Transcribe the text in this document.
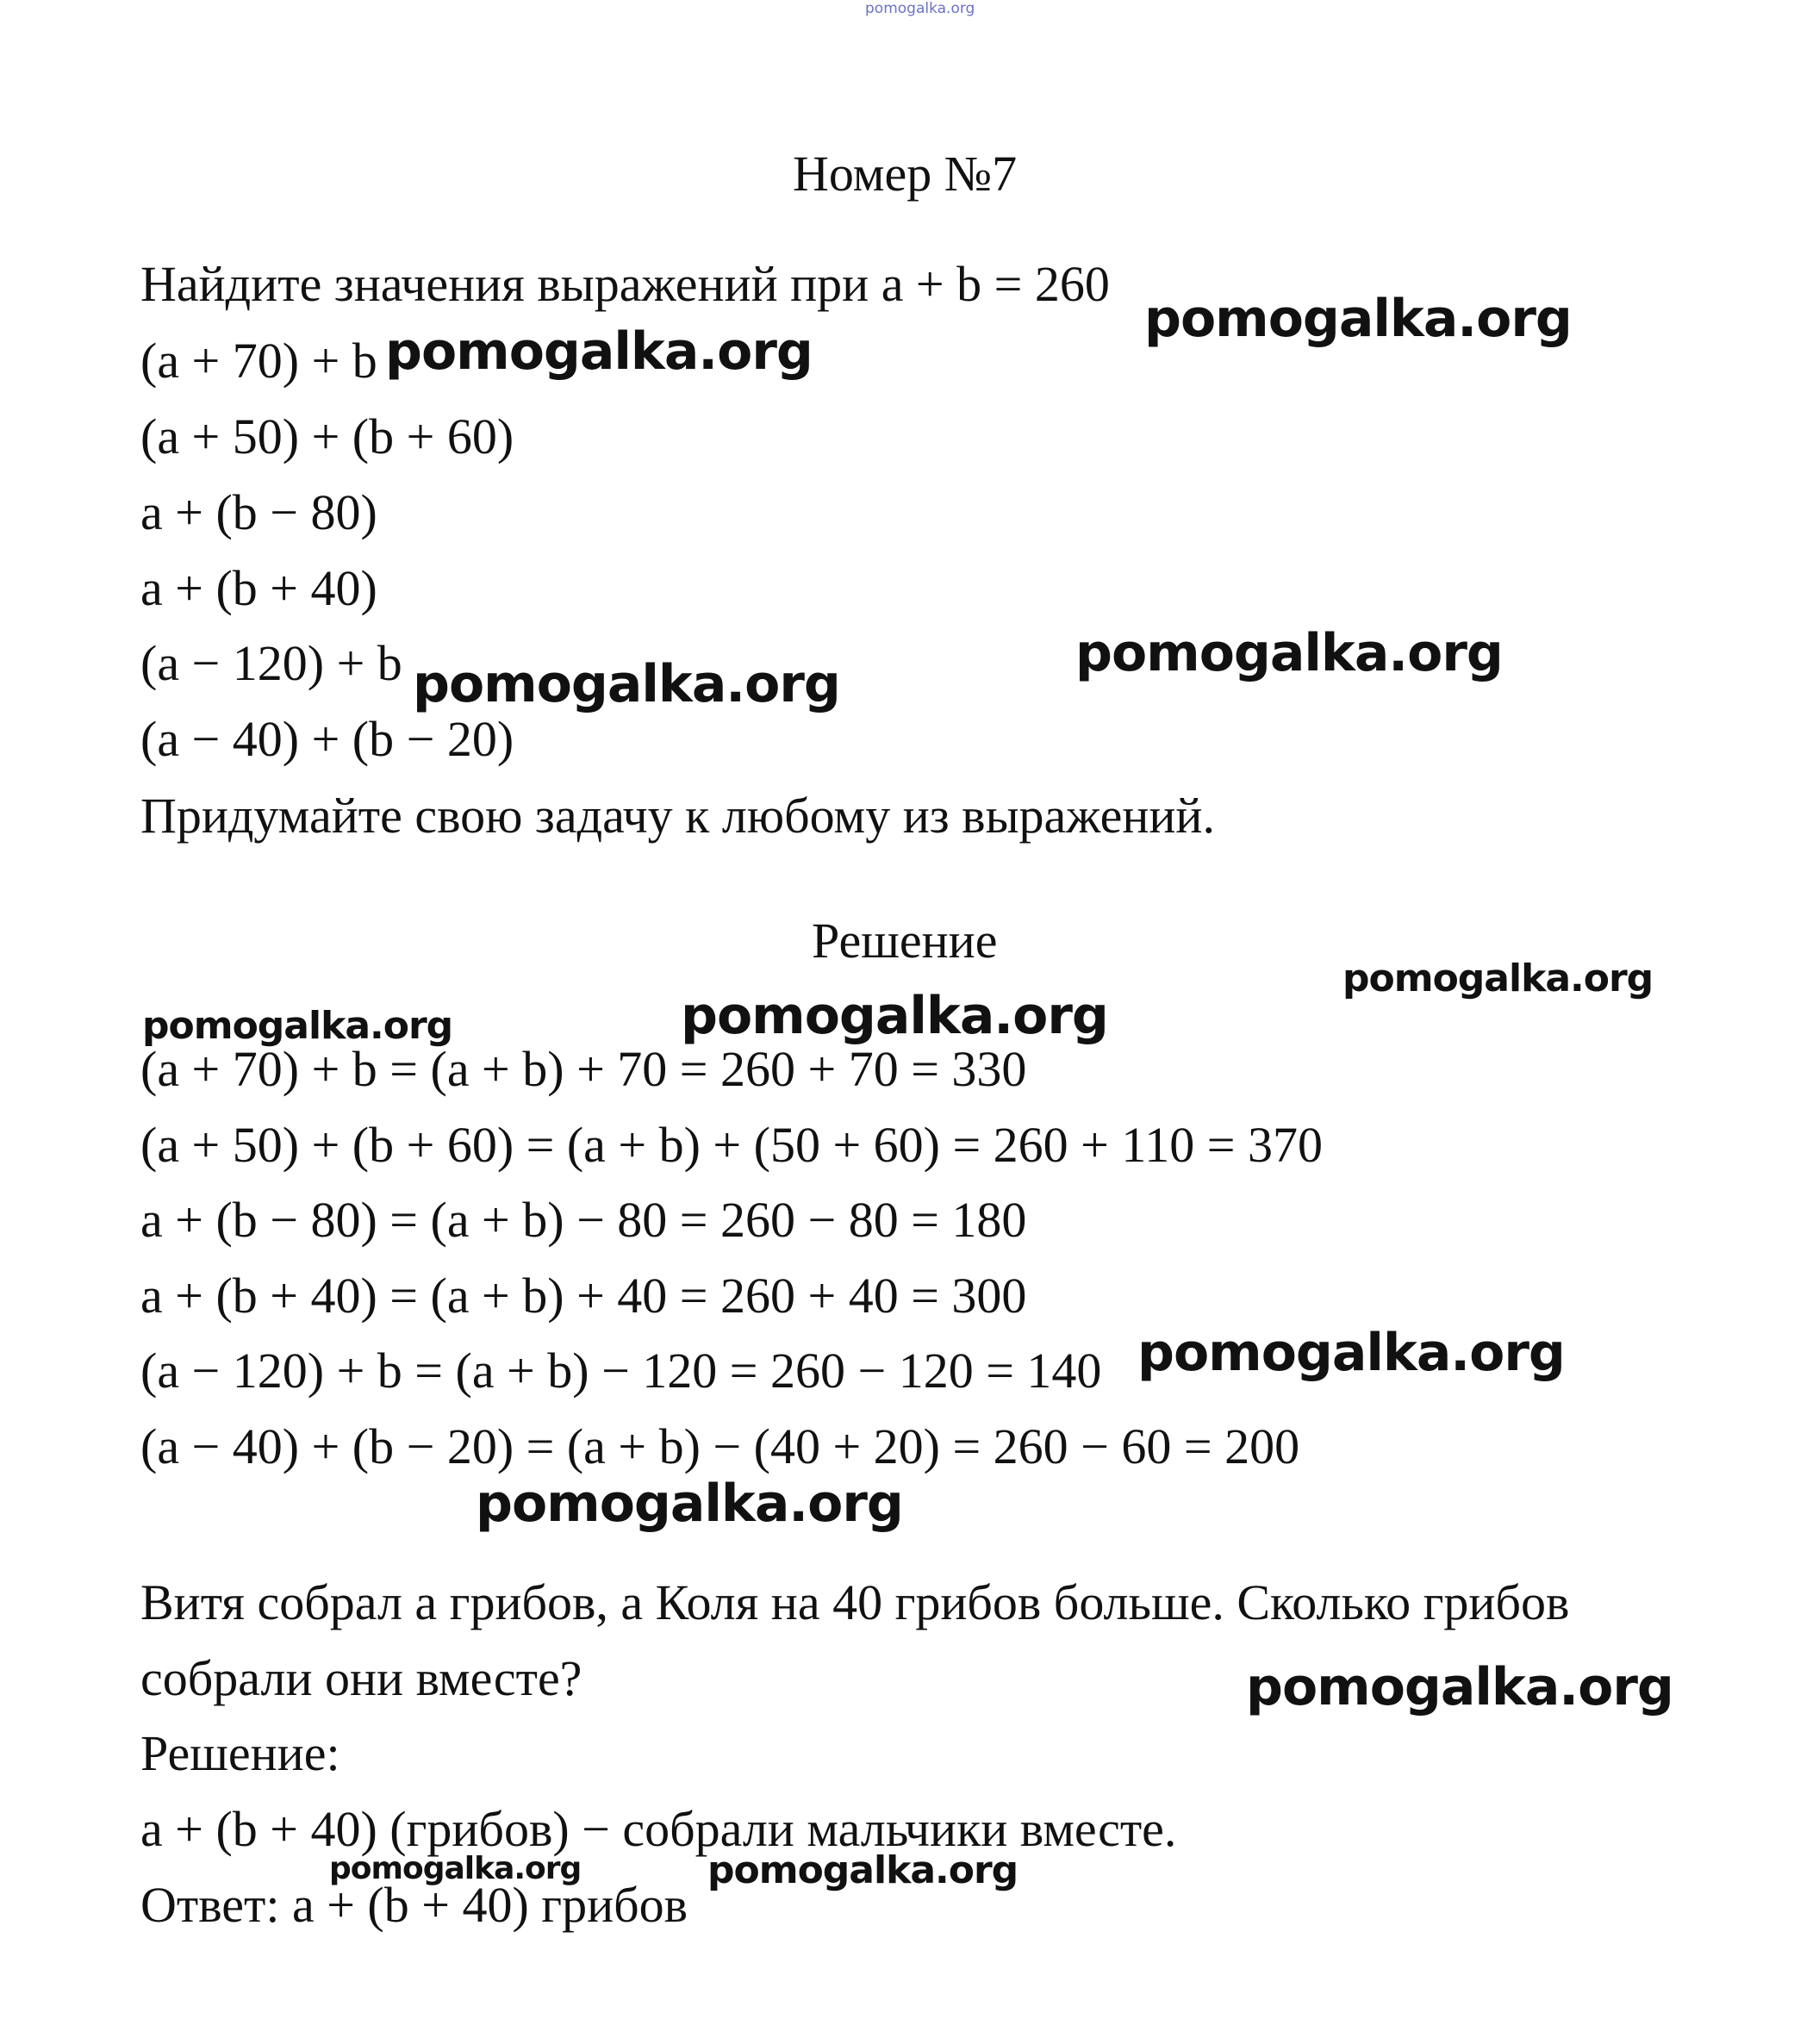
pomogalka.org
Номер №7
Найдите значения выражений при a + b = 260
(a + 70) + b
(a + 50) + (b + 60)
a + (b − 80)
a + (b + 40)
(a − 120) + b
(a − 40) + (b − 20)
Придумайте свою задачу к любому из выражений.
Решение
(a + 70) + b = (a + b) + 70 = 260 + 70 = 330
(a + 50) + (b + 60) = (a + b) + (50 + 60) = 260 + 110 = 370
a + (b − 80) = (a + b) − 80 = 260 − 80 = 180
a + (b + 40) = (a + b) + 40 = 260 + 40 = 300
(a − 120) + b = (a + b) − 120 = 260 − 120 = 140
(a − 40) + (b − 20) = (a + b) − (40 + 20) = 260 − 60 = 200
Витя собрал a грибов, а Коля на 40 грибов больше. Сколько грибов
собрали они вместе?
Решение:
a + (b + 40) (грибов) − собрали мальчики вместе.
Ответ: a + (b + 40) грибов
pomogalka.org
pomogalka.org
pomogalka.org
pomogalka.org
pomogalka.org
pomogalka.org	pomogalka.org
pomogalka.org
pomogalka.org
pomogalka.org
pomogalka.org	pomogalka.org
